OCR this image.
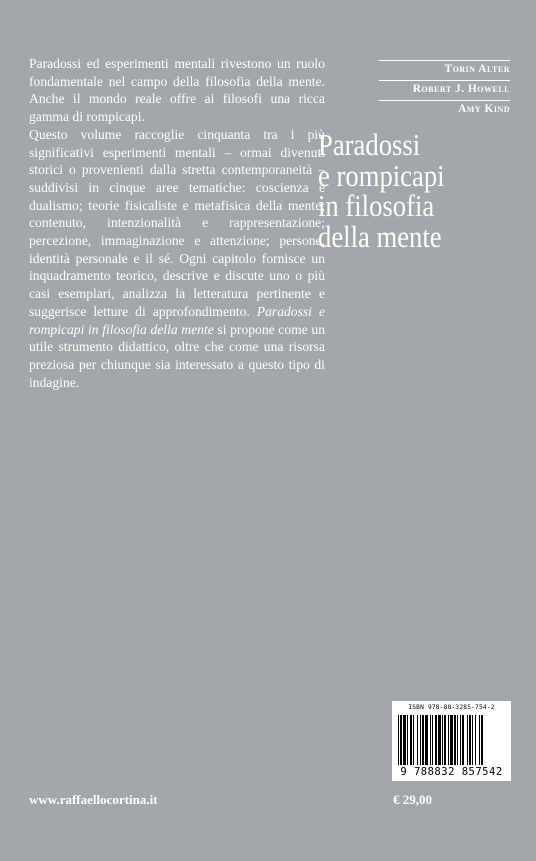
Paradossi ed esperimenti mentali rivestono un ruolo fondamentale nel campo della filosofia della mente. Anche il mondo reale offre ai filosofi una ricca gamma di rompicapi.

Questo volume raccoglie cinquanta tra i più significativi esperimenti mentali – ormai divenuti storici o provenienti dalla stretta contemporaneità – suddivisi in cinque aree tematiche: coscienza e dualismo; teorie fisicaliste e metafisica della mente; contenuto, intenzionalità e rappresentazione; percezione, immaginazione e attenzione; persone, identità personale e il sé. Ogni capitolo fornisce un inquadramento teorico, descrive e discute uno o più casi esemplari, analizza la letteratura pertinente e suggerisce letture di approfondimento. Paradossi e rompicapi in filosofia della mente si propone come un utile strumento didattico, oltre che come una risorsa preziosa per chiunque sia interessato a questo tipo di indagine.

Torin Alter
Robert J. Howell
Amy Kind
Paradossi
e rompicapi
in filosofia
della mente
ISBN 978-88-3285-754-2
9 788832 857542
www.raffaellocortina.it	€ 29,00
